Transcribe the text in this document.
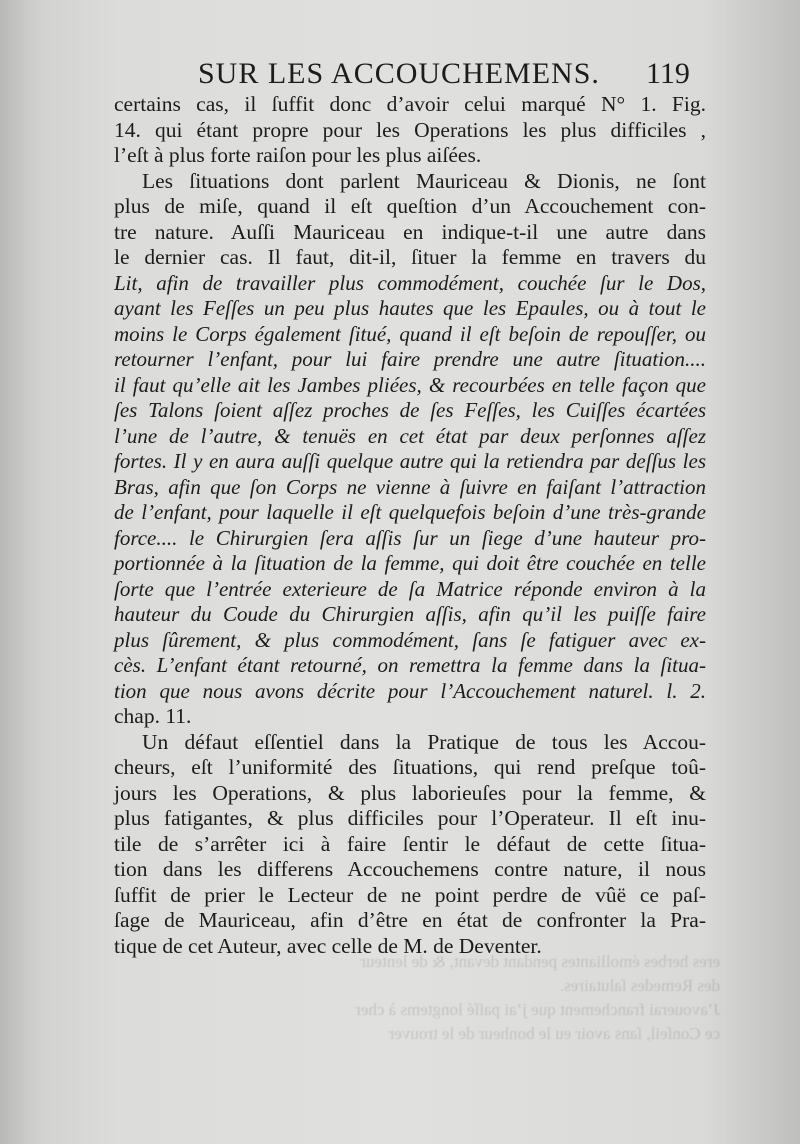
eres herbes émolliantes pendant devant, & de lenteur
des Remedes ſalutaires.
J’avouerai franchement que j’ai paſſé longtems à cher
ce Conſeil, ſans avoir eu le bonheur de le trouver
SUR LES ACCOUCHEMENS. 119
certains cas, il ſuffit donc d’avoir celui marqué N° 1. Fig.
14. qui étant propre pour les Operations les plus difficiles ,
l’eſt à plus forte raiſon pour les plus aiſées.
Les ſituations dont parlent Mauriceau & Dionis, ne ſont
plus de miſe, quand il eſt queſtion d’un Accouchement con-
tre nature. Auſſi Mauriceau en indique-t-il une autre dans
le dernier cas. Il faut, dit-il, ſituer la femme en travers du
Lit, afin de travailler plus commodément, couchée ſur le Dos,
ayant les Feſſes un peu plus hautes que les Epaules, ou à tout le
moins le Corps également ſitué, quand il eſt beſoin de repouſſer, ou
retourner l’enfant, pour lui faire prendre une autre ſituation....
il faut qu’elle ait les Jambes pliées, & recourbées en telle façon que
ſes Talons ſoient aſſez proches de ſes Feſſes, les Cuiſſes écartées
l’une de l’autre, & tenuës en cet état par deux perſonnes aſſez
fortes. Il y en aura auſſi quelque autre qui la retiendra par deſſus les
Bras, afin que ſon Corps ne vienne à ſuivre en faiſant l’attraction
de l’enfant, pour laquelle il eſt quelquefois beſoin d’une très-grande
force.... le Chirurgien ſera aſſis ſur un ſiege d’une hauteur pro-
portionnée à la ſituation de la femme, qui doit être couchée en telle
ſorte que l’entrée exterieure de ſa Matrice réponde environ à la
hauteur du Coude du Chirurgien aſſis, afin qu’il les puiſſe faire
plus ſûrement, & plus commodément, ſans ſe fatiguer avec ex-
cès. L’enfant étant retourné, on remettra la femme dans la ſitua-
tion que nous avons décrite pour l’Accouchement naturel. l. 2.
chap. 11.
Un défaut eſſentiel dans la Pratique de tous les Accou-
cheurs, eſt l’uniformité des ſituations, qui rend preſque toû-
jours les Operations, & plus laborieuſes pour la femme, &
plus fatigantes, & plus difficiles pour l’Operateur. Il eſt inu-
tile de s’arrêter ici à faire ſentir le défaut de cette ſitua-
tion dans les differens Accouchemens contre nature, il nous
ſuffit de prier le Lecteur de ne point perdre de vûë ce paſ-
ſage de Mauriceau, afin d’être en état de confronter la Pra-
tique de cet Auteur, avec celle de M. de Deventer.
